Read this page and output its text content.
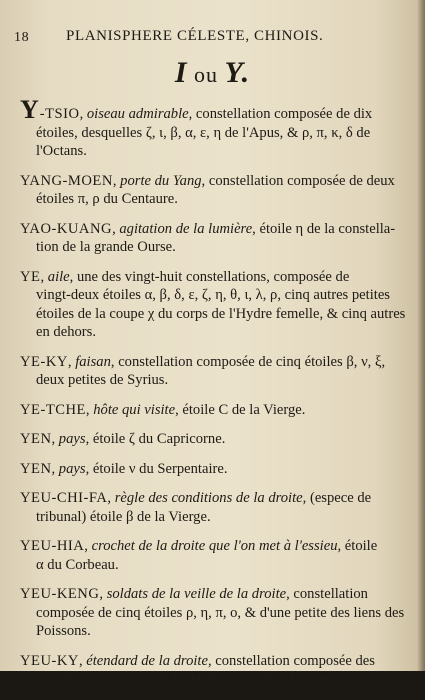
18 PLANISPHERE CÉLESTE, CHINOIS.
I ou Y.
Y-TSIO, oiseau admirable, constellation composée de dix
étoiles, desquelles ζ, ι, β, α, ε, η de l'Apus, & ρ, π, κ, δ de l'Octans.
YANG-MOEN, porte du Yang, constellation composée de deux
étoiles π, ρ du Centaure.
YAO-KUANG, agitation de la lumière, étoile η de la constella-
tion de la grande Ourse.
YE, aile, une des vingt-huit constellations, composée de
vingt-deux étoiles α, β, δ, ε, ζ, η, θ, ι, λ, ρ, cinq autres petites étoiles de la coupe χ du corps de l'Hydre femelle, & cinq autres en dehors.
YE-KY, faisan, constellation composée de cinq étoiles β, ν, ξ,
deux petites de Syrius.
YE-TCHE, hôte qui visite, étoile C de la Vierge.
YEN, pays, étoile ζ du Capricorne.
YEN, pays, étoile ν du Serpentaire.
YEU-CHI-FA, règle des conditions de la droite, (espece de
tribunal) étoile β de la Vierge.
YEU-HIA, crochet de la droite que l'on met à l'essieu, étoile
α du Corbeau.
YEU-KENG, soldats de la veille de la droite, constellation
composée de cinq étoiles ρ, η, π, ο, & d'une petite des liens des Poissons.
YEU-KY, étendard de la droite, constellation composée des
sept étoiles δ, μ, ν de l'Aigle, & ι, κ, σ, F d'Antinoüs.
